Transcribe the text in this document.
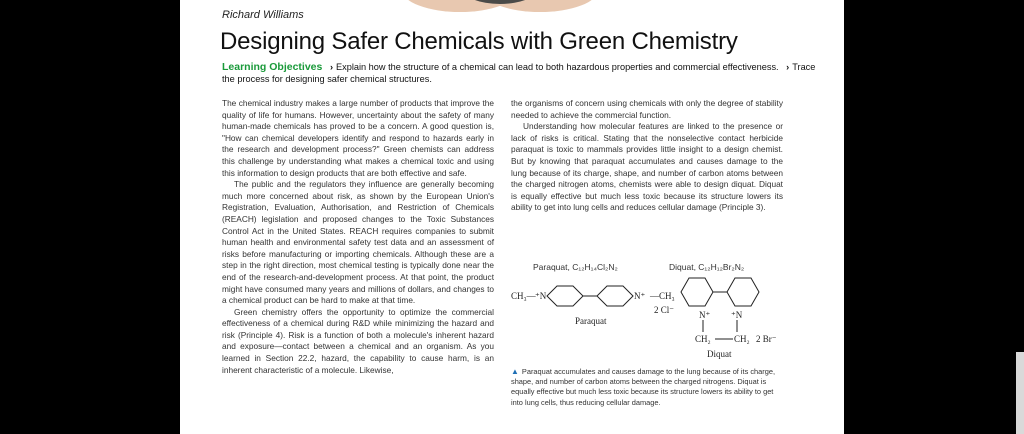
Richard Williams
Designing Safer Chemicals with Green Chemistry
Learning Objectives › Explain how the structure of a chemical can lead to both hazardous properties and commercial effectiveness. › Trace the process for designing safer chemical structures.

The chemical industry makes a large number of products that improve the quality of life for humans. However, uncertainty about the safety of many human-made chemicals has proved to be a concern. A good question is, "How can chemical developers identify and respond to hazards early in the research and development process?" Green chemists can address this challenge by understanding what makes a chemical toxic and using this information to design products that are both effective and safe.

The public and the regulators they influence are generally becoming much more concerned about risk, as shown by the European Union's Registration, Evaluation, Authorisation, and Restriction of Chemicals (REACH) legislation and proposed changes to the Toxic Substances Control Act in the United States. REACH requires companies to submit human health and environmental safety test data and an assessment of risks before manufacturing or importing chemicals. Although these are a step in the right direction, most chemical testing is typically done near the end of the research-and-development process. At that point, the product might have consumed many years and millions of dollars, and changes to a chemical product can be hard to make at that time.

Green chemistry offers the opportunity to optimize the commercial effectiveness of a chemical during R&D while minimizing the hazard and risk (Principle 4). Risk is a function of both a molecule's inherent hazard and exposure—contact between a chemical and an organism. As you learned in Section 22.2, hazard, the capability to cause harm, is an inherent characteristic of a molecule. Likewise,

the organisms of concern using chemicals with only the degree of stability needed to achieve the commercial function.

Understanding how molecular features are linked to the presence or lack of risks is critical. Stating that the nonselective contact herbicide paraquat is toxic to mammals provides little insight to a design chemist. But by knowing that paraquat accumulates and causes damage to the lung because of its charge, shape, and number of carbon atoms between the charged nitrogen atoms, chemists were able to design diquat. Diquat is equally effective but much less toxic because its structure lowers its ability to get into lung cells and reduces cellular damage (Principle 3).

Paraquat, C₁₂H₁₄Cl₂N₂	Diquat, C₁₂H₁₂Br₂N₂
CH₃— ⁺N	N⁺ —CH₃
2 Cl⁻
Paraquat
N⁺ ⁺N
CH₂	CH₂ 2 Br⁻
Diquat
▲ Paraquat accumulates and causes damage to the lung because of its charge, shape, and number of carbon atoms between the charged nitrogens. Diquat is equally effective but much less toxic because its structure lowers its ability to get into lung cells, thus reducing cellular damage.
